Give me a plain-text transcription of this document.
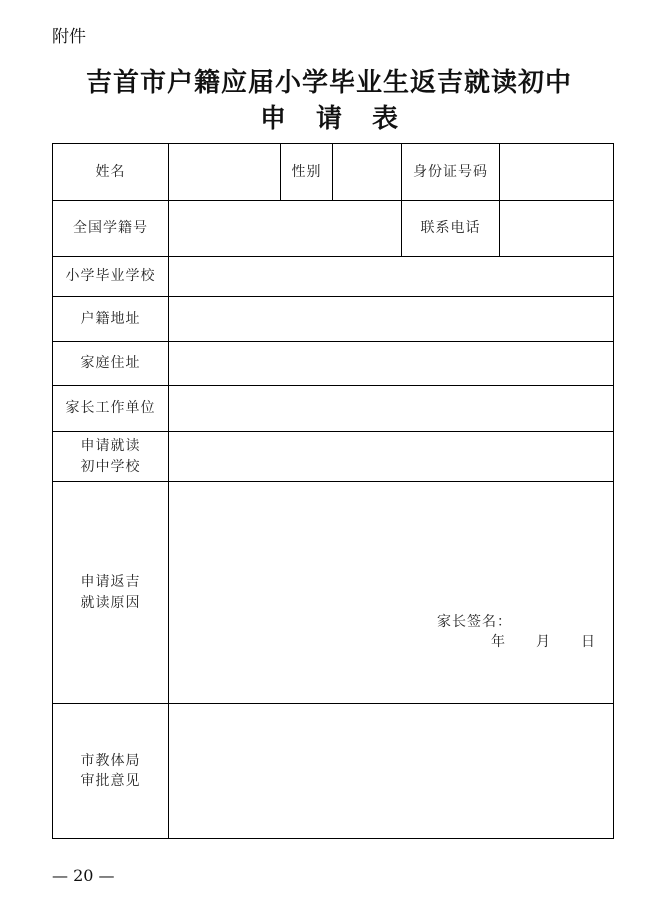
附件
吉首市户籍应届小学毕业生返吉就读初中
申请表
姓名		性别		身份证号码	
全国学籍号				联系电话	
小学毕业学校					
户籍地址					
家庭住址					
家长工作单位					
申请就读
初中学校					
申请返吉
就读原因	家长签名：
年　　月　　日				

市教体局
审批意见					
— 20 —
